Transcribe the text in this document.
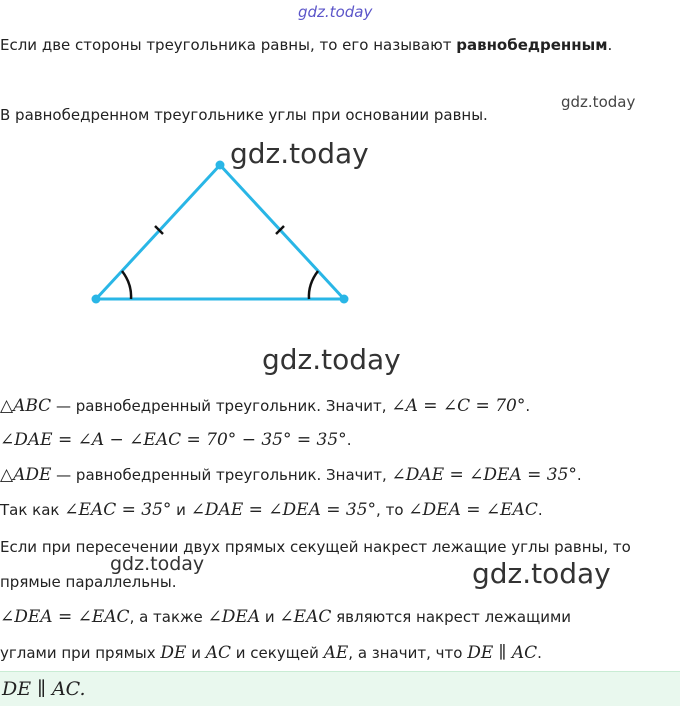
gdz.today
gdz.today
gdz.today
gdz.today
gdz.today	gdz.today
Если две стороны треугольника равны, то его называют равнобедренным.
В равнобедренном треугольнике углы при основании равны.
△ABC — равнобедренный треугольник. Значит, ∠A = ∠C = 70°.
∠DAE = ∠A − ∠EAC = 70° − 35° = 35°.
△ADE — равнобедренный треугольник. Значит, ∠DAE = ∠DEA = 35°.
Так как ∠EAC = 35° и ∠DAE = ∠DEA = 35°, то ∠DEA = ∠EAC.
Если при пересечении двух прямых секущей накрест лежащие углы равны, то
прямые параллельны.
∠DEA = ∠EAC, а также ∠DEA и ∠EAC являются накрест лежащими
углами при прямых DE и AC и секущей AE, а значит, что DE ∥ AC.
DE ∥ AC.
